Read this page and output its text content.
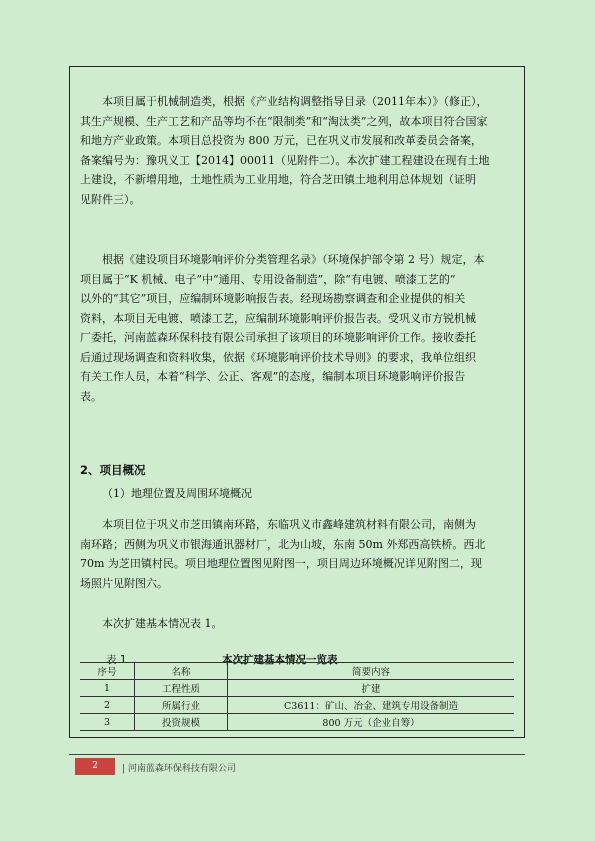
本项目属于机械制造类，根据《产业结构调整指导目录（2011年本）》（修正），
其生产规模、生产工艺和产品等均不在“限制类”和“淘汰类”之列，故本项目符合国家
和地方产业政策。本项目总投资为 800 万元，已在巩义市发展和改革委员会备案，
备案编号为：豫巩义工【2014】00011（见附件二）。本次扩建工程建设在现有土地
上建设，不新增用地，土地性质为工业用地，符合芝田镇土地利用总体规划（证明
见附件三）。

根据《建设项目环境影响评价分类管理名录》（环境保护部令第 2 号）规定，本
项目属于“K 机械、电子”中“通用、专用设备制造”，除“有电镀、喷漆工艺的”
以外的“其它”项目，应编制环境影响报告表。经现场勘察调查和企业提供的相关
资料，本项目无电镀、喷漆工艺，应编制环境影响评价报告表。受巩义市方锐机械
厂委托，河南蓝森环保科技有限公司承担了该项目的环境影响评价工作。接收委托
后通过现场调查和资料收集，依据《环境影响评价技术导则》的要求，我单位组织
有关工作人员，本着“科学、公正、客观”的态度，编制本项目环境影响评价报告
表。

2、项目概况

（1）地理位置及周围环境概况

本项目位于巩义市芝田镇南环路，东临巩义市鑫峰建筑材料有限公司，南侧为
南环路；西侧为巩义市银海通讯器材厂，北为山坡，东南 50m 外郑西高铁桥。西北
70m 为芝田镇村民。项目地理位置图见附图一，项目周边环境概况详见附图二，现
场照片见附图六。

本次扩建基本情况表 1。

表 1	本次扩建基本情况一览表
序号	名称	简要内容
1	工程性质	扩建
2	所属行业	C3611：矿山、冶金、建筑专用设备制造
3	投资规模	800 万元（企业自筹）
2	| 河南蓝森环保科技有限公司
